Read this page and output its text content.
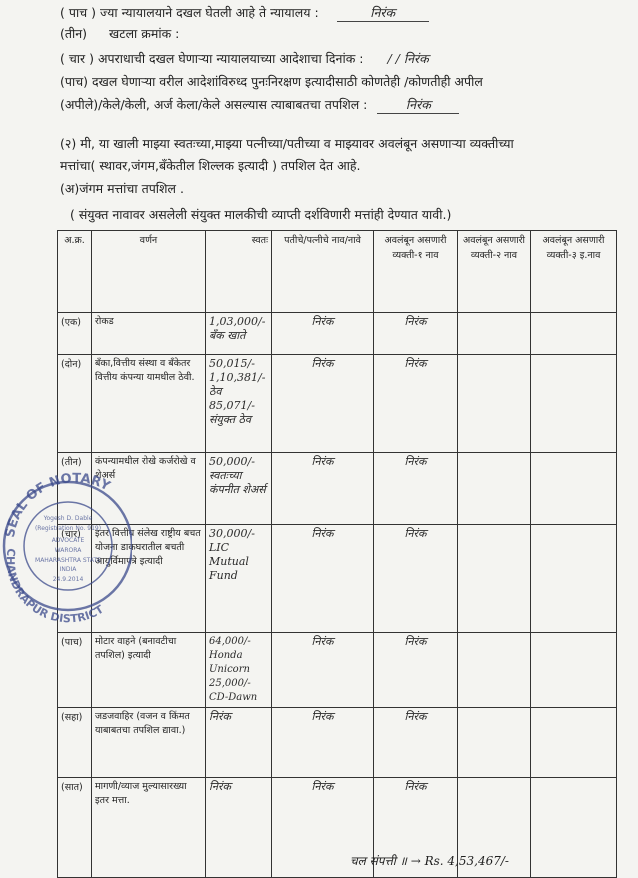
( पाच ) ज्या न्यायालयाने दखल घेतली आहे ते न्यायालय :	निरंक
(तीन) खटला क्रमांक :
( चार ) अपराधाची दखल घेणाऱ्या न्यायालयाच्या आदेशाचा दिनांक : / / निरंक
(पाच) दखल घेणाऱ्या वरील आदेशांविरुध्द पुनःनिरक्षण इत्यादीसाठी कोणतेही /कोणतीही अपील
(अपीले)/केले/केली, अर्ज केला/केले असल्यास त्याबाबतचा तपशिल :	निरंक
(२) मी, या खाली माझ्या स्वतःच्या,माझ्या पत्नीच्या/पतीच्या व माझ्यावर अवलंबून असणाऱ्या व्यक्तीच्या
मत्तांचा( स्थावर,जंगम,बँकेतील शिल्लक इत्यादी ) तपशिल देत आहे.
(अ)जंगम मत्तांचा तपशिल .
( संयुक्त नावावर असलेली संयुक्त मालकीची व्याप्ती दर्शविणारी मत्तांही देण्यात यावी.)
अ.क्र.	वर्णन	स्वतः	पतीचे/पत्नीचे नाव/नावे	अवलंबून असणारी व्यक्ती-१ नाव	अवलंबून असणारी व्यक्ती-२ नाव	अवलंबून असणारी व्यक्ती-३ इ.नाव
(एक)	रोकड	1,03,000/- बँक खाते	निरंक	निरंक		
(दोन)	बँका,वित्तीय संस्था व बँकेतर वित्तीय कंपन्या यामधील ठेवी.	50,015/- 1,10,381/- ठेव 85,071/- संयुक्त ठेव	निरंक	निरंक		
(तीन)	कंपन्यामधील रोखे कर्जरोखे व शेअर्स	50,000/- स्वतःच्या कंपनीत शेअर्स	निरंक	निरंक		
(चार)	इतर वित्तीय संलेख राष्ट्रीय बचत योजना डाकघरातील बचती आयुर्विमापत्रे इत्यादी	30,000/- LIC Mutual Fund	निरंक	निरंक		
(पाच)	मोटार वाहने (बनावटीचा तपशिल) इत्यादी	64,000/- Honda Unicorn 25,000/- CD-Dawn	निरंक	निरंक		
(सहा)	जडजवाहिर (वजन व किंमत याबाबतचा तपशिल द्यावा.)	निरंक	निरंक	निरंक		
(सात)	मागणी/व्याज मुल्यासारख्या इतर मत्ता.	निरंक	निरंक	निरंक		
SEAL OF NOTARY
CHANDRAPUR DISTRICT
Yogesh D. Dable
(Registration No. 919)
ADVOCATE
WARORA
MAHARASHTRA STATE
INDIA
24.9.2014
चल संपत्ती ॥ → Rs. 4,53,467/-
